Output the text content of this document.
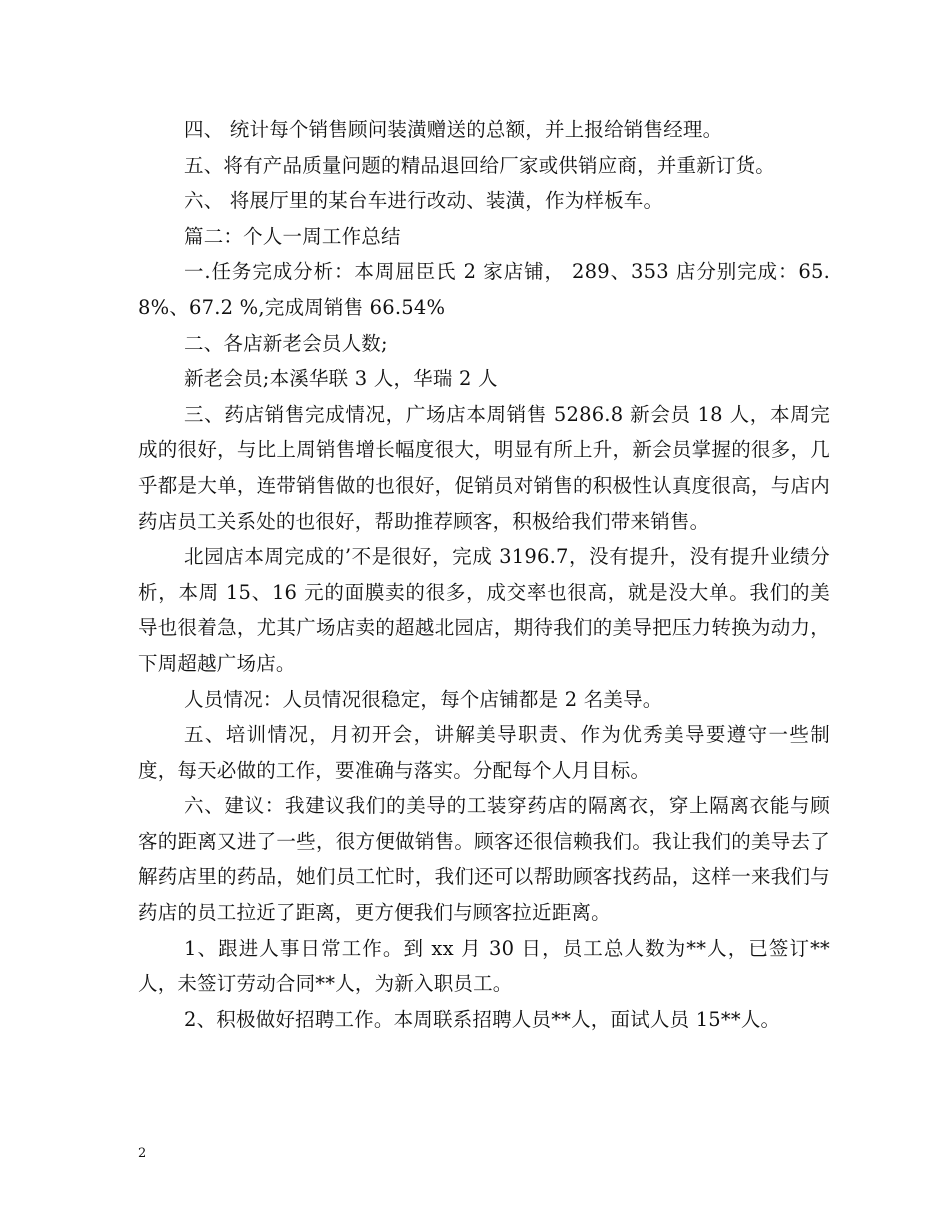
四、 统计每个销售顾问装潢赠送的总额，并上报给销售经理。

五、将有产品质量问题的精品退回给厂家或供销应商，并重新订货。

六、 将展厅里的某台车进行改动、装潢，作为样板车。

篇二：个人一周工作总结

一.任务完成分析：本周屈臣氏 2 家店铺， 289、353 店分别完成：65.8%、67.2 %,完成周销售 66.54%

二、各店新老会员人数;

新老会员;本溪华联 3 人，华瑞 2 人

三、药店销售完成情况，广场店本周销售 5286.8 新会员 18 人，本周完成的很好，与比上周销售增长幅度很大，明显有所上升，新会员掌握的很多，几乎都是大单，连带销售做的也很好，促销员对销售的积极性认真度很高，与店内药店员工关系处的也很好，帮助推荐顾客，积极给我们带来销售。

北园店本周完成的’不是很好，完成 3196.7，没有提升，没有提升业绩分析，本周 15、16 元的面膜卖的很多，成交率也很高，就是没大单。我们的美导也很着急，尤其广场店卖的超越北园店，期待我们的美导把压力转换为动力，下周超越广场店。

人员情况：人员情况很稳定，每个店铺都是 2 名美导。

五、培训情况，月初开会，讲解美导职责、作为优秀美导要遵守一些制度，每天必做的工作，要准确与落实。分配每个人月目标。

六、建议：我建议我们的美导的工装穿药店的隔离衣，穿上隔离衣能与顾客的距离又进了一些，很方便做销售。顾客还很信赖我们。我让我们的美导去了解药店里的药品，她们员工忙时，我们还可以帮助顾客找药品，这样一来我们与药店的员工拉近了距离，更方便我们与顾客拉近距离。

1、跟进人事日常工作。到 xx 月 30 日，员工总人数为**人，已签订**人，未签订劳动合同**人，为新入职员工。

2、积极做好招聘工作。本周联系招聘人员**人，面试人员 15**人。

2
